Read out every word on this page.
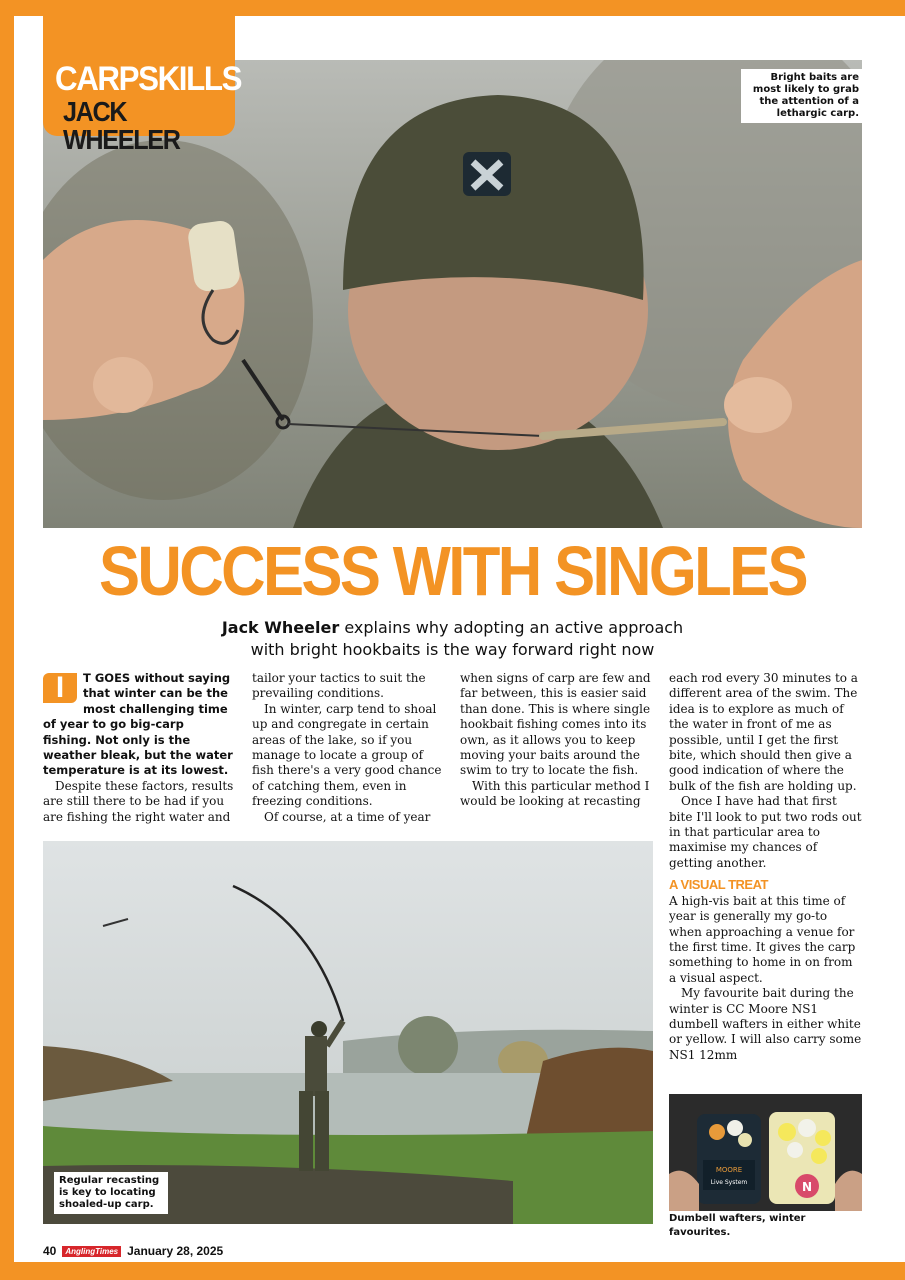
CARPSKILLS
JACK WHEELER
Bright baits are most likely to grab the attention of a lethargic carp.
SUCCESS WITH SINGLES
Jack Wheeler explains why adopting an active approach
with bright hookbaits is the way forward right now
I	T GOES without saying that winter can be the most challenging time of year to go big-carp fishing. Not only is the weather bleak, but the water temperature is at its lowest.

Despite these factors, results are still there to be had if you are fishing the right water and

tailor your tactics to suit the prevailing conditions.

In winter, carp tend to shoal up and congregate in certain areas of the lake, so if you manage to locate a group of fish there's a very good chance of catching them, even in freezing conditions.

Of course, at a time of year

when signs of carp are few and far between, this is easier said than done. This is where single hookbait fishing comes into its own, as it allows you to keep moving your baits around the swim to try to locate the fish.

With this particular method I would be looking at recasting

each rod every 30 minutes to a different area of the swim. The idea is to explore as much of the water in front of me as possible, until I get the first bite, which should then give a good indication of where the bulk of the fish are holding up.

Once I have had that first bite I'll look to put two rods out in that particular area to maximise my chances of getting another.

A VISUAL TREAT

A high-vis bait at this time of year is generally my go-to when approaching a venue for the first time. It gives the carp something to home in on from a visual aspect.

My favourite bait during the winter is CC Moore NS1 dumbell wafters in either white or yellow. I will also carry some NS1 12mm

Regular recasting is key to locating shoaled-up carp.
MOORE
Live System	N
Dumbell wafters, winter favourites.
40	AnglingTimes January 28, 2025
